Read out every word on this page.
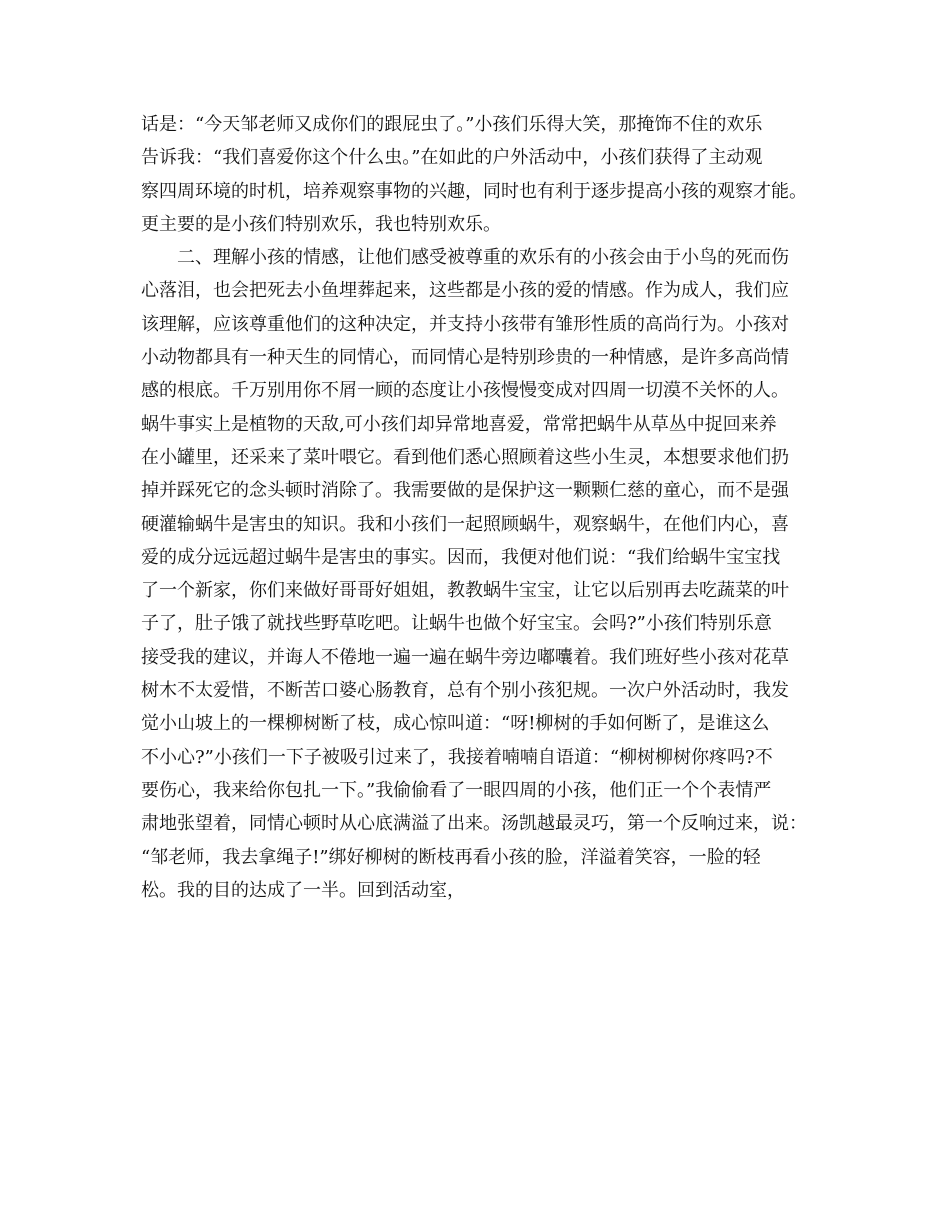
话是：“今天邹老师又成你们的跟屁虫了。”小孩们乐得大笑，那掩饰不住的欢乐
告诉我：“我们喜爱你这个什么虫。”在如此的户外活动中，小孩们获得了主动观
察四周环境的时机，培养观察事物的兴趣，同时也有利于逐步提高小孩的观察才能。
更主要的是小孩们特别欢乐，我也特别欢乐。
二、理解小孩的情感，让他们感受被尊重的欢乐有的小孩会由于小鸟的死而伤
心落泪，也会把死去小鱼埋葬起来，这些都是小孩的爱的情感。作为成人，我们应
该理解，应该尊重他们的这种决定，并支持小孩带有雏形性质的高尚行为。小孩对
小动物都具有一种天生的同情心，而同情心是特别珍贵的一种情感，是许多高尚情
感的根底。千万别用你不屑一顾的态度让小孩慢慢变成对四周一切漠不关怀的人。
蜗牛事实上是植物的天敌,可小孩们却异常地喜爱，常常把蜗牛从草丛中捉回来养
在小罐里，还采来了菜叶喂它。看到他们悉心照顾着这些小生灵，本想要求他们扔
掉并踩死它的念头顿时消除了。我需要做的是保护这一颗颗仁慈的童心，而不是强
硬灌输蜗牛是害虫的知识。我和小孩们一起照顾蜗牛，观察蜗牛，在他们内心，喜
爱的成分远远超过蜗牛是害虫的事实。因而，我便对他们说：“我们给蜗牛宝宝找
了一个新家，你们来做好哥哥好姐姐，教教蜗牛宝宝，让它以后别再去吃蔬菜的叶
子了，肚子饿了就找些野草吃吧。让蜗牛也做个好宝宝。会吗?”小孩们特别乐意
接受我的建议，并诲人不倦地一遍一遍在蜗牛旁边嘟囔着。我们班好些小孩对花草
树木不太爱惜，不断苦口婆心肠教育，总有个别小孩犯规。一次户外活动时，我发
觉小山坡上的一棵柳树断了枝，成心惊叫道：“呀!柳树的手如何断了，是谁这么
不小心?”小孩们一下子被吸引过来了，我接着喃喃自语道：“柳树柳树你疼吗?不
要伤心，我来给你包扎一下。”我偷偷看了一眼四周的小孩，他们正一个个表情严
肃地张望着，同情心顿时从心底满溢了出来。汤凯越最灵巧，第一个反响过来，说：
“邹老师，我去拿绳子!”绑好柳树的断枝再看小孩的脸，洋溢着笑容，一脸的轻
松。我的目的达成了一半。回到活动室，
